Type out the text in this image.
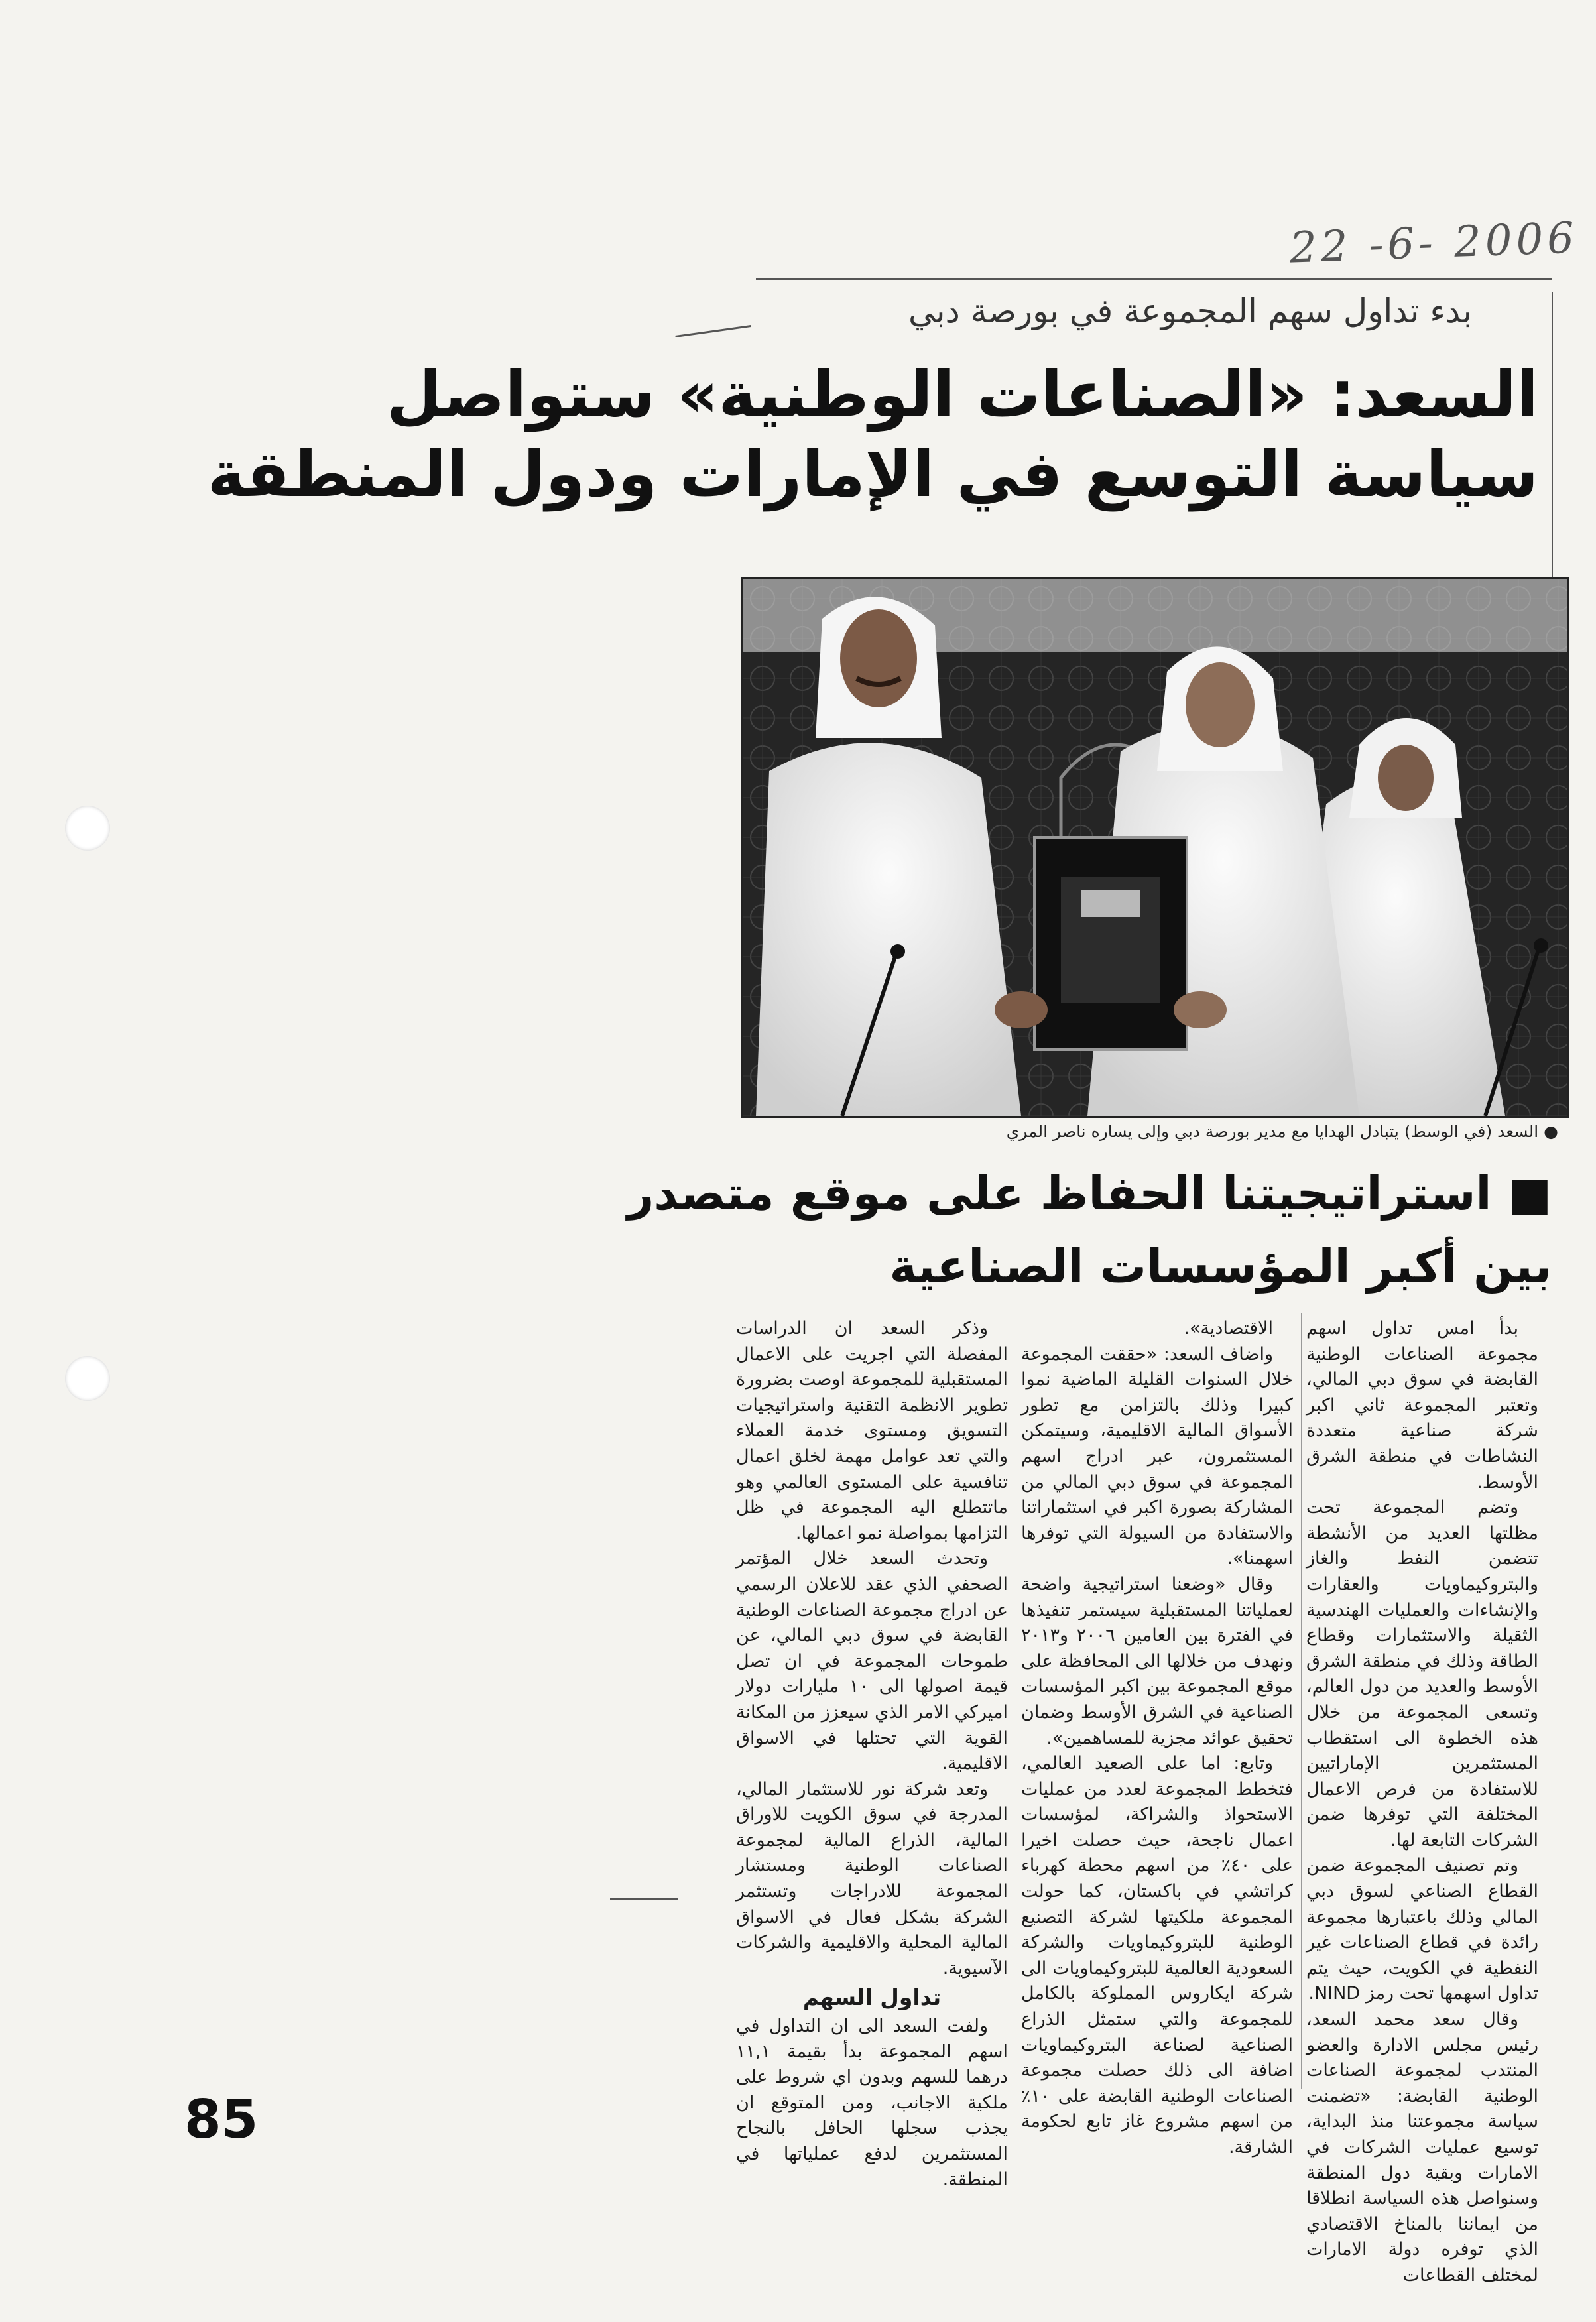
22 -6- 2006
بدء تداول سهم المجموعة في بورصة دبي
السعد: «الصناعات الوطنية» ستواصل
سياسة التوسع في الإمارات ودول المنطقة
● السعد (في الوسط) يتبادل الهدايا مع مدير بورصة دبي وإلى يساره ناصر المري
■ استراتيجيتنا الحفاظ على موقع متصدر
بين أكبر المؤسسات الصناعية

بدأ امس تداول اسهم مجموعة الصناعات الوطنية القابضة في سوق دبي المالي، وتعتبر المجموعة ثاني اكبر شركة صناعية متعددة النشاطات في منطقة الشرق الأوسط.

وتضم المجموعة تحت مظلتها العديد من الأنشطة تتضمن النفط والغاز والبتروكيماويات والعقارات والإنشاءات والعمليات الهندسية الثقيلة والاستثمارات وقطاع الطاقة وذلك في منطقة الشرق الأوسط والعديد من دول العالم، وتسعى المجموعة من خلال هذه الخطوة الى استقطاب المستثمرين الإماراتيين للاستفادة من فرص الاعمال المختلفة التي توفرها ضمن الشركات التابعة لها.

وتم تصنيف المجموعة ضمن القطاع الصناعي لسوق دبي المالي وذلك باعتبارها مجموعة رائدة في قطاع الصناعات غير النفطية في الكويت، حيث يتم تداول اسهمها تحت رمز NIND.

وقال سعد محمد السعد، رئيس مجلس الادارة والعضو المنتدب لمجموعة الصناعات الوطنية القابضة: «تضمنت سياسة مجموعتنا منذ البداية، توسيع عمليات الشركات في الامارات وبقية دول المنطقة وسنواصل هذه السياسة انطلاقا من ايماننا بالمناخ الاقتصادي الذي توفره دولة الامارات لمختلف القطاعات

الاقتصادية».

واضاف السعد: «حققت المجموعة خلال السنوات القليلة الماضية نموا كبيرا وذلك بالتزامن مع تطور الأسواق المالية الاقليمية، وسيتمكن المستثمرون، عبر ادراج اسهم المجموعة في سوق دبي المالي من المشاركة بصورة اكبر في استثماراتنا والاستفادة من السيولة التي توفرها اسهمنا».

وقال «وضعنا استراتيجية واضحة لعملياتنا المستقبلية سيستمر تنفيذها في الفترة بين العامين ٢٠٠٦ و٢٠١٣ ونهدف من خلالها الى المحافظة على موقع المجموعة بين اكبر المؤسسات الصناعية في الشرق الأوسط وضمان تحقيق عوائد مجزية للمساهمين».

وتابع: اما على الصعيد العالمي، فتخطط المجموعة لعدد من عمليات الاستحواذ والشراكة، لمؤسسات اعمال ناجحة، حيث حصلت اخيرا على ٤٠٪ من اسهم محطة كهرباء كراتشي في باكستان، كما حولت المجموعة ملكيتها لشركة التصنيع الوطنية للبتروكيماويات والشركة السعودية العالمية للبتروكيماويات الى شركة ايكاروس المملوكة بالكامل للمجموعة والتي ستمثل الذراع الصناعية لصناعة البتروكيماويات اضافة الى ذلك حصلت مجموعة الصناعات الوطنية القابضة على ١٠٪ من اسهم مشروع غاز تابع لحكومة الشارقة.

وذكر السعد ان الدراسات المفصلة التي اجريت على الاعمال المستقبلية للمجموعة اوصت بضرورة تطوير الانظمة التقنية واستراتيجيات التسويق ومستوى خدمة العملاء والتي تعد عوامل مهمة لخلق اعمال تنافسية على المستوى العالمي وهو ماتتطلع اليه المجموعة في ظل التزامها بمواصلة نمو اعمالها.

وتحدث السعد خلال المؤتمر الصحفي الذي عقد للاعلان الرسمي عن ادراج مجموعة الصناعات الوطنية القابضة في سوق دبي المالي، عن طموحات المجموعة في ان تصل قيمة اصولها الى ١٠ مليارات دولار اميركي الامر الذي سيعزز من المكانة القوية التي تحتلها في الاسواق الاقليمية.

وتعد شركة نور للاستثمار المالي، المدرجة في سوق الكويت للاوراق المالية، الذراع المالية لمجموعة الصناعات الوطنية ومستشار المجموعة للادراجات وتستثمر الشركة بشكل فعال في الاسواق المالية المحلية والاقليمية والشركات الآسيوية.

تداول السهم

ولفت السعد الى ان التداول في اسهم المجموعة بدأ بقيمة ١١,١ درهما للسهم وبدون اي شروط على ملكية الاجانب، ومن المتوقع ان يجذب سجلها الحافل بالنجاح المستثمرين لدفع عملياتها في المنطقة.

85
